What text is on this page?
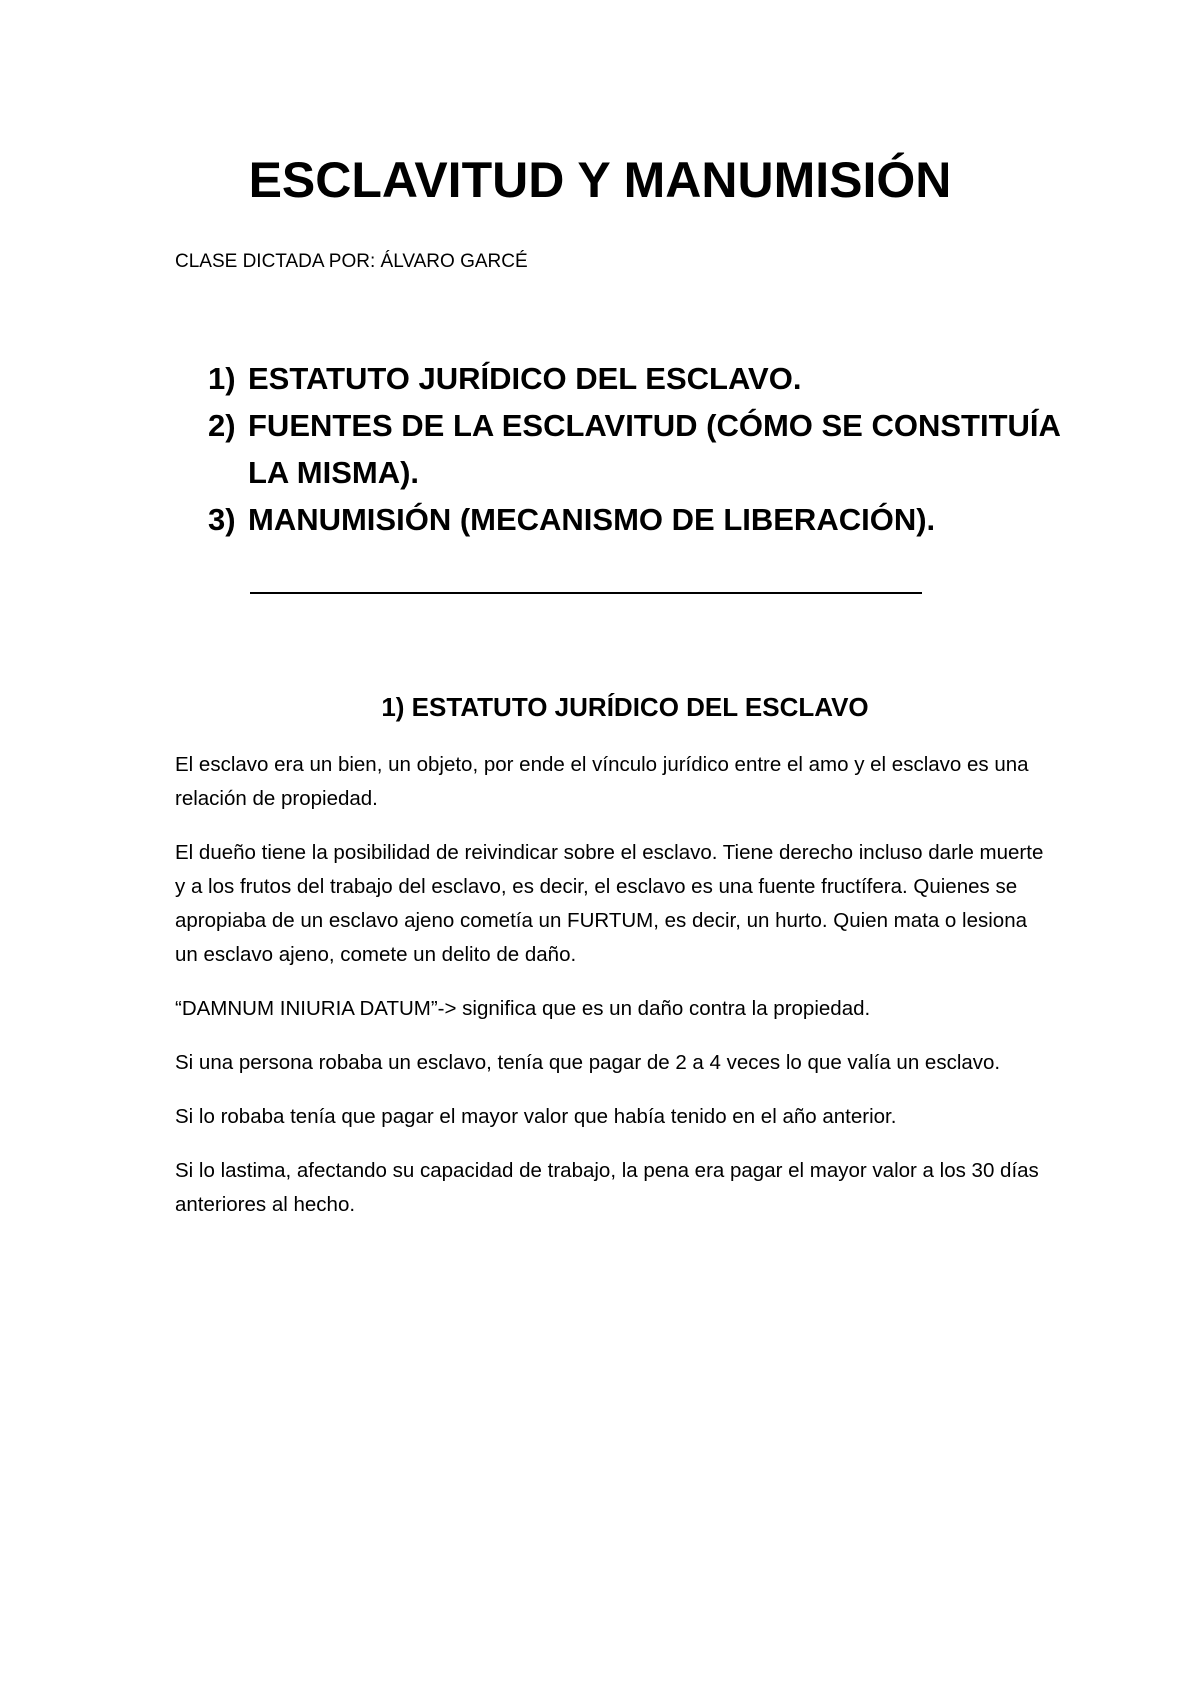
ESCLAVITUD Y MANUMISIÓN

CLASE DICTADA POR: ÁLVARO GARCÉ

1) ESTATUTO JURÍDICO DEL ESCLAVO.
2) FUENTES DE LA ESCLAVITUD (CÓMO SE CONSTITUÍA LA MISMA).
3) MANUMISIÓN (MECANISMO DE LIBERACIÓN).
1) ESTATUTO JURÍDICO DEL ESCLAVO

El esclavo era un bien, un objeto, por ende el vínculo jurídico entre el amo y el esclavo es una relación de propiedad.

El dueño tiene la posibilidad de reivindicar sobre el esclavo. Tiene derecho incluso darle muerte y a los frutos del trabajo del esclavo, es decir, el esclavo es una fuente fructífera. Quienes se apropiaba de un esclavo ajeno cometía un FURTUM, es decir, un hurto. Quien mata o lesiona un esclavo ajeno, comete un delito de daño.

“DAMNUM INIURIA DATUM”-> significa que es un daño contra la propiedad.

Si una persona robaba un esclavo, tenía que pagar de 2 a 4 veces lo que valía un esclavo.

Si lo robaba tenía que pagar el mayor valor que había tenido en el año anterior.

Si lo lastima, afectando su capacidad de trabajo, la pena era pagar el mayor valor a los 30 días anteriores al hecho.
